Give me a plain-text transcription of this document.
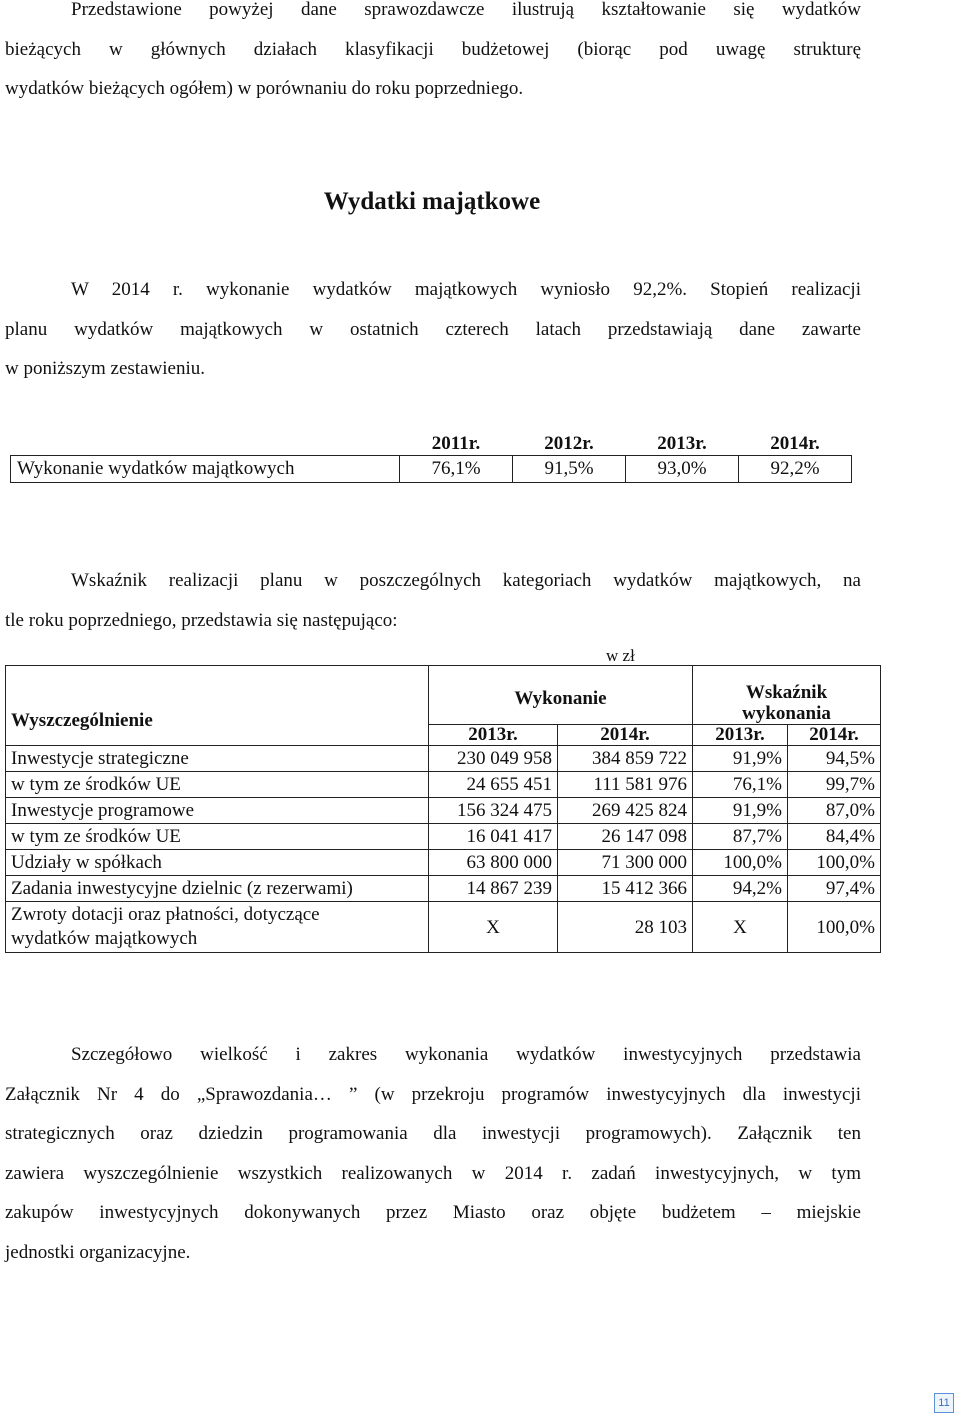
Przedstawione powyżej dane sprawozdawcze ilustrują kształtowanie się wydatków
bieżących w głównych działach klasyfikacji budżetowej (biorąc pod uwagę strukturę
wydatków bieżących ogółem) w porównaniu do roku poprzedniego.
Wydatki majątkowe
W 2014 r. wykonanie wydatków majątkowych wyniosło 92,2%. Stopień realizacji
planu wydatków majątkowych w ostatnich czterech latach przedstawiają dane zawarte
w poniższym zestawieniu.
	2011r.	2012r.	2013r.	2014r.
Wykonanie wydatków majątkowych	76,1%	91,5%	93,0%	92,2%
Wskaźnik realizacji planu w poszczególnych kategoriach wydatków majątkowych, na
tle roku poprzedniego, przedstawia się następująco:
w zł
Wyszczególnienie	Wykonanie		Wskaźnik
wykonania	
	2013r.	2014r.	2013r.	2014r.
Inwestycje strategiczne	230 049 958	384 859 722	91,9%	94,5%
w tym ze środków UE	24 655 451	111 581 976	76,1%	99,7%
Inwestycje programowe	156 324 475	269 425 824	91,9%	87,0%
w tym ze środków UE	16 041 417	26 147 098	87,7%	84,4%
Udziały w spółkach	63 800 000	71 300 000	100,0%	100,0%
Zadania inwestycyjne dzielnic (z rezerwami)	14 867 239	15 412 366	94,2%	97,4%
Zwroty dotacji oraz płatności, dotyczące
wydatków majątkowych	X	28 103	X	100,0%
Szczegółowo wielkość i zakres wykonania wydatków inwestycyjnych przedstawia
Załącznik Nr 4 do „Sprawozdania… ” (w przekroju programów inwestycyjnych dla inwestycji
strategicznych oraz dziedzin programowania dla inwestycji programowych). Załącznik ten
zawiera wyszczególnienie wszystkich realizowanych w 2014 r. zadań inwestycyjnych, w tym
zakupów inwestycyjnych dokonywanych przez Miasto oraz objęte budżetem – miejskie
jednostki organizacyjne.
11
